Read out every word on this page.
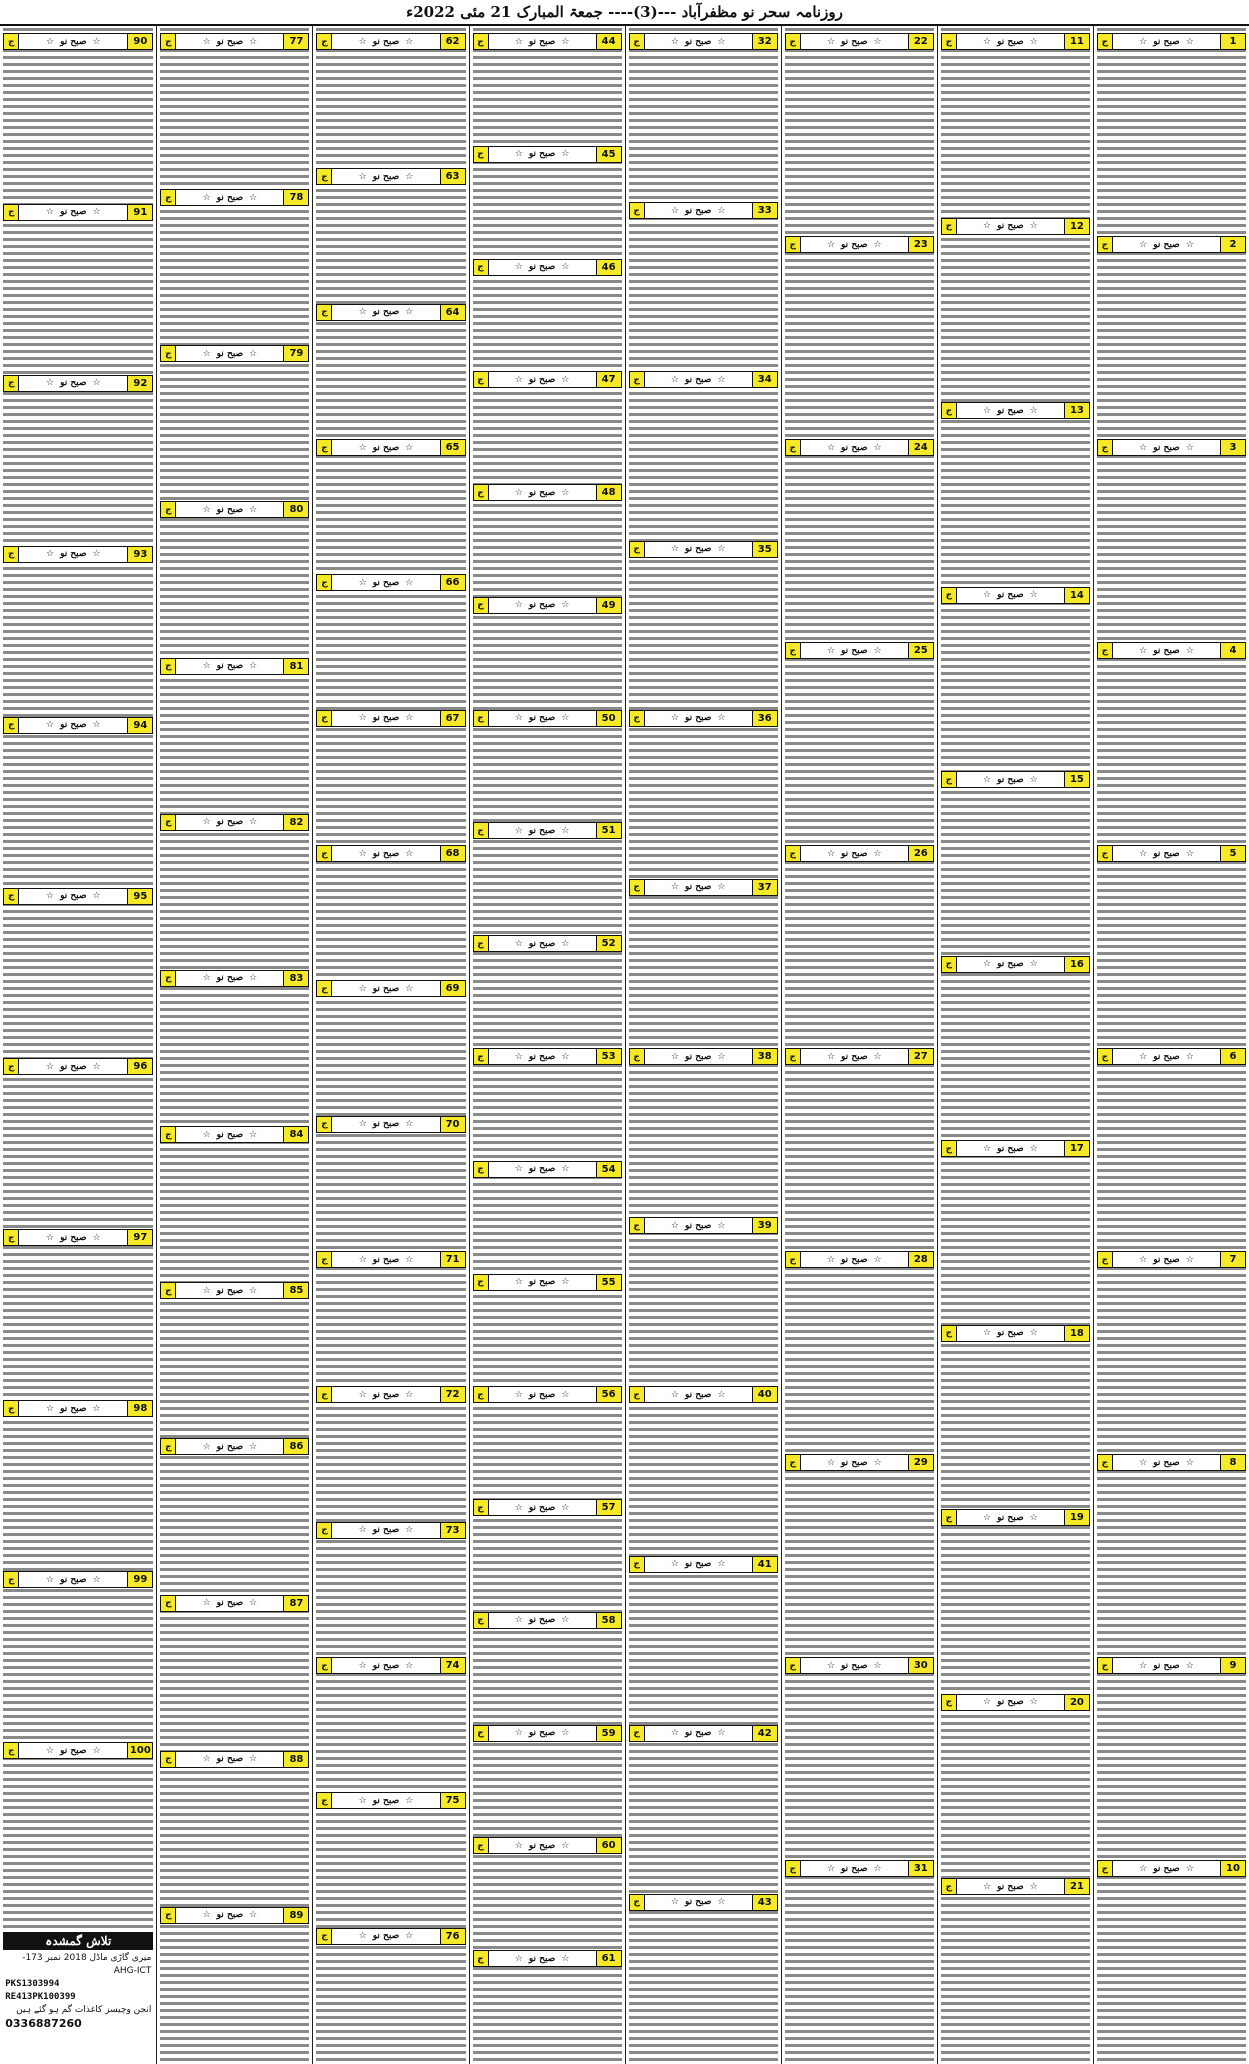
روزنامہ سحر نو مظفرآباد ---(3)---- جمعۃ المبارک 21 مئی 2022ء
ج	☆
صبح نو
☆	1
ج	☆
صبح نو
☆	2
ج	☆
صبح نو
☆	3
ج	☆
صبح نو
☆	4
ج	☆
صبح نو
☆	5
ج	☆
صبح نو
☆	6
ج	☆
صبح نو
☆	7
ج	☆
صبح نو
☆	8
ج	☆
صبح نو
☆	9
ج	☆
صبح نو
☆	10
ج	☆
صبح نو
☆	11
ج	☆
صبح نو
☆	12
ج	☆
صبح نو
☆	13
ج	☆
صبح نو
☆	14
ج	☆
صبح نو
☆	15
ج	☆
صبح نو
☆	16
ج	☆
صبح نو
☆	17
ج	☆
صبح نو
☆	18
ج	☆
صبح نو
☆	19
ج	☆
صبح نو
☆	20
ج	☆
صبح نو
☆	21
ج	☆
صبح نو
☆	22
ج	☆
صبح نو
☆	23
ج	☆
صبح نو
☆	24
ج	☆
صبح نو
☆	25
ج	☆
صبح نو
☆	26
ج	☆
صبح نو
☆	27
ج	☆
صبح نو
☆	28
ج	☆
صبح نو
☆	29
ج	☆
صبح نو
☆	30
ج	☆
صبح نو
☆	31
ج	☆
صبح نو
☆	32
ج	☆
صبح نو
☆	33
ج	☆
صبح نو
☆	34
ج	☆
صبح نو
☆	35
ج	☆
صبح نو
☆	36
ج	☆
صبح نو
☆	37
ج	☆
صبح نو
☆	38
ج	☆
صبح نو
☆	39
ج	☆
صبح نو
☆	40
ج	☆
صبح نو
☆	41
ج	☆
صبح نو
☆	42
ج	☆
صبح نو
☆	43
ج	☆
صبح نو
☆	44
ج	☆
صبح نو
☆	45
ج	☆
صبح نو
☆	46
ج	☆
صبح نو
☆	47
ج	☆
صبح نو
☆	48
ج	☆
صبح نو
☆	49
ج	☆
صبح نو
☆	50
ج	☆
صبح نو
☆	51
ج	☆
صبح نو
☆	52
ج	☆
صبح نو
☆	53
ج	☆
صبح نو
☆	54
ج	☆
صبح نو
☆	55
ج	☆
صبح نو
☆	56
ج	☆
صبح نو
☆	57
ج	☆
صبح نو
☆	58
ج	☆
صبح نو
☆	59
ج	☆
صبح نو
☆	60
ج	☆
صبح نو
☆	61
ج	☆
صبح نو
☆	62
ج	☆
صبح نو
☆	63
ج	☆
صبح نو
☆	64
ج	☆
صبح نو
☆	65
ج	☆
صبح نو
☆	66
ج	☆
صبح نو
☆	67
ج	☆
صبح نو
☆	68
ج	☆
صبح نو
☆	69
ج	☆
صبح نو
☆	70
ج	☆
صبح نو
☆	71
ج	☆
صبح نو
☆	72
ج	☆
صبح نو
☆	73
ج	☆
صبح نو
☆	74
ج	☆
صبح نو
☆	75
ج	☆
صبح نو
☆	76
ج	☆
صبح نو
☆	77
ج	☆
صبح نو
☆	78
ج	☆
صبح نو
☆	79
ج	☆
صبح نو
☆	80
ج	☆
صبح نو
☆	81
ج	☆
صبح نو
☆	82
ج	☆
صبح نو
☆	83
ج	☆
صبح نو
☆	84
ج	☆
صبح نو
☆	85
ج	☆
صبح نو
☆	86
ج	☆
صبح نو
☆	87
ج	☆
صبح نو
☆	88
ج	☆
صبح نو
☆	89
تلاش گمشدہ
میری گاڑی ماڈل 2018 نمبر 173-AHG-ICT
PKS1303994
RE413PK100399
انجن وچیسز کاغذات گم ہو گئے ہیں
0336887260
ج	☆
صبح نو
☆	90
ج	☆
صبح نو
☆	91
ج	☆
صبح نو
☆	92
ج	☆
صبح نو
☆	93
ج	☆
صبح نو
☆	94
ج	☆
صبح نو
☆	95
ج	☆
صبح نو
☆	96
ج	☆
صبح نو
☆	97
ج	☆
صبح نو
☆	98
ج	☆
صبح نو
☆	99
ج	☆
صبح نو
☆	100
